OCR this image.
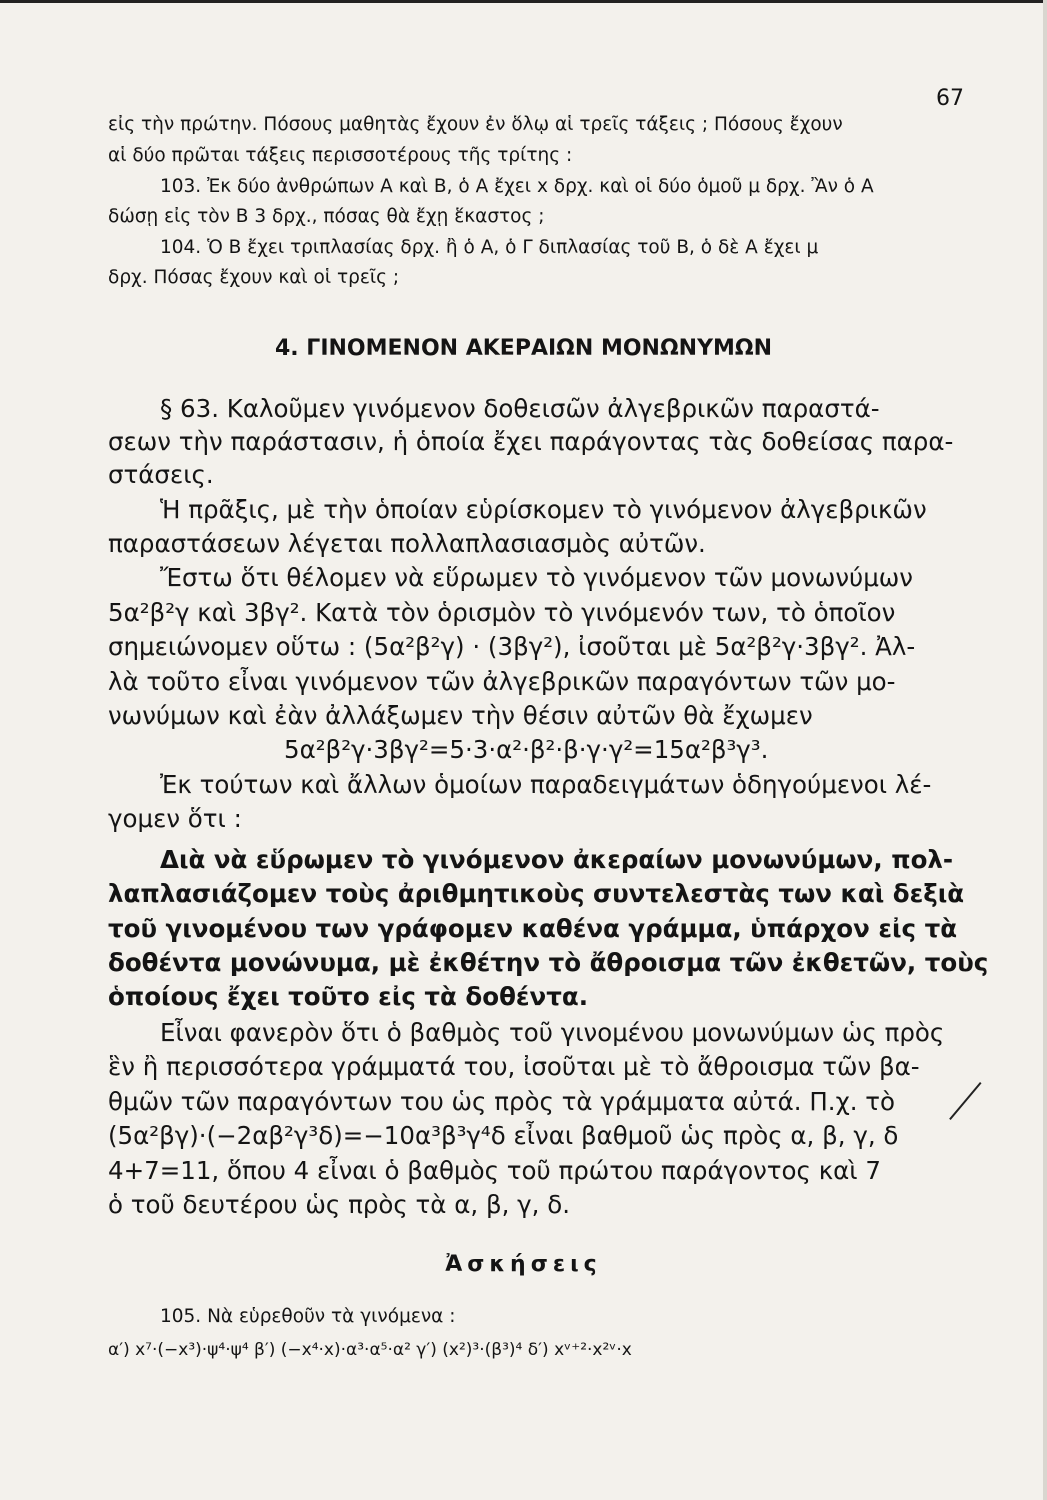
67
εἰς τὴν πρώτην. Πόσους μαθητὰς ἔχουν ἐν ὅλῳ αἱ τρεῖς τάξεις ; Πόσους ἔχουν
αἱ δύο πρῶται τάξεις περισσοτέρους τῆς τρίτης :
103. Ἐκ δύο ἀνθρώπων Α καὶ Β, ὁ Α ἔχει x δρχ. καὶ οἱ δύο ὁμοῦ μ δρχ. Ἂν ὁ Α
δώσῃ εἰς τὸν Β 3 δρχ., πόσας θὰ ἔχῃ ἕκαστος ;
104. Ὁ Β ἔχει τριπλασίας δρχ. ἢ ὁ Α, ὁ Γ διπλασίας τοῦ Β, ὁ δὲ Α ἔχει μ
δρχ. Πόσας ἔχουν καὶ οἱ τρεῖς ;
4. ΓΙΝΟΜΕΝΟΝ ΑΚΕΡΑΙΩΝ ΜΟΝΩΝΥΜΩΝ
§ 63. Καλοῦμεν γινόμενον δοθεισῶν ἀλγεβρικῶν παραστά-
σεων τὴν παράστασιν, ἡ ὁποία ἔχει παράγοντας τὰς δοθείσας παρα-
στάσεις.
Ἡ πρᾶξις, μὲ τὴν ὁποίαν εὑρίσκομεν τὸ γινόμενον ἀλγεβρικῶν
παραστάσεων λέγεται πολλαπλασιασμὸς αὐτῶν.
Ἔστω ὅτι θέλομεν νὰ εὕρωμεν τὸ γινόμενον τῶν μονωνύμων
5α²β²γ καὶ 3βγ². Κατὰ τὸν ὁρισμὸν τὸ γινόμενόν των, τὸ ὁποῖον
σημειώνομεν οὕτω : (5α²β²γ) · (3βγ²), ἰσοῦται μὲ 5α²β²γ·3βγ². Ἀλ-
λὰ τοῦτο εἶναι γινόμενον τῶν ἀλγεβρικῶν παραγόντων τῶν μο-
νωνύμων καὶ ἐὰν ἀλλάξωμεν τὴν θέσιν αὐτῶν θὰ ἔχωμεν
5α²β²γ·3βγ²=5·3·α²·β²·β·γ·γ²=15α²β³γ³.
Ἐκ τούτων καὶ ἄλλων ὁμοίων παραδειγμάτων ὁδηγούμενοι λέ-
γομεν ὅτι :
Διὰ νὰ εὕρωμεν τὸ γινόμενον ἀκεραίων μονωνύμων, πολ-
λαπλασιάζομεν τοὺς ἀριθμητικοὺς συντελεστὰς των καὶ δεξιὰ
τοῦ γινομένου των γράφομεν καθένα γράμμα, ὑπάρχον εἰς τὰ
δοθέντα μονώνυμα, μὲ ἐκθέτην τὸ ἄθροισμα τῶν ἐκθετῶν, τοὺς
ὁποίους ἔχει τοῦτο εἰς τὰ δοθέντα.
Εἶναι φανερὸν ὅτι ὁ βαθμὸς τοῦ γινομένου μονωνύμων ὡς πρὸς
ἓν ἢ περισσότερα γράμματά του, ἰσοῦται μὲ τὸ ἄθροισμα τῶν βα-
θμῶν τῶν παραγόντων του ὡς πρὸς τὰ γράμματα αὐτά. Π.χ. τὸ
(5α²βγ)·(−2αβ²γ³δ)=−10α³β³γ⁴δ εἶναι βαθμοῦ ὡς πρὸς α, β, γ, δ
4+7=11, ὅπου 4 εἶναι ὁ βαθμὸς τοῦ πρώτου παράγοντος καὶ 7
ὁ τοῦ δευτέρου ὡς πρὸς τὰ α, β, γ, δ.
Ἀσκήσεις
105. Νὰ εὑρεθοῦν τὰ γινόμενα :
α′) x⁷·(−x³)·ψ⁴·ψ⁴ β′) (−x⁴·x)·α³·α⁵·α² γ′) (x²)³·(β³)⁴ δ′) xᵛ⁺²·x²ᵛ·x
